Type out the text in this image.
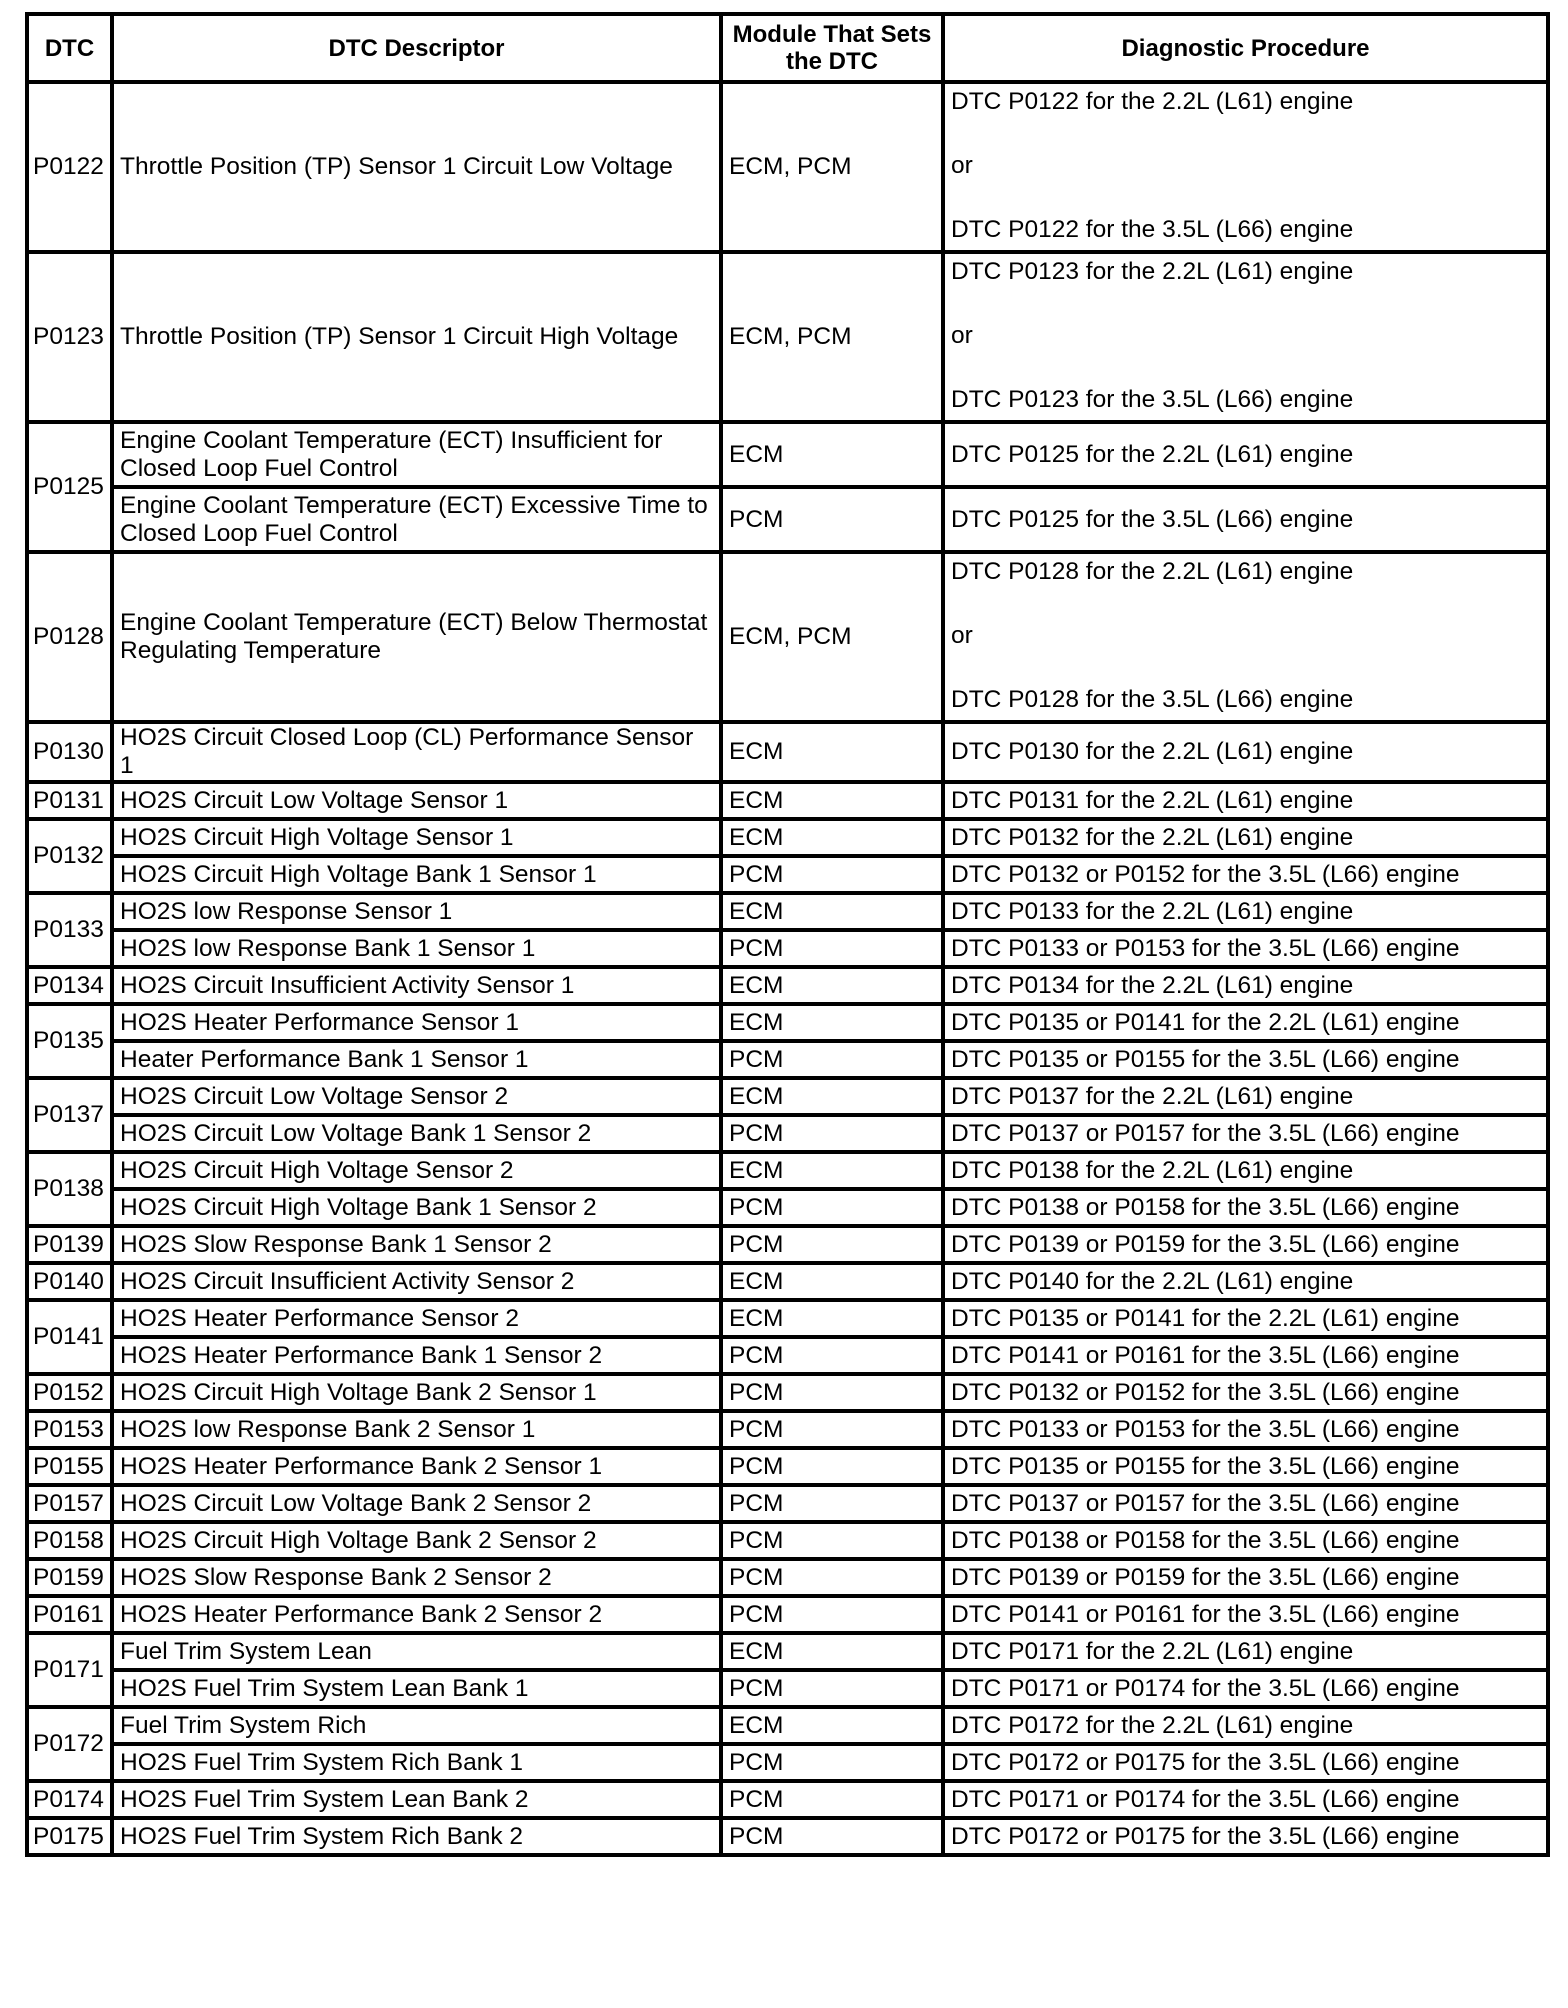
DTC	DTC Descriptor	Module That Sets the DTC	Diagnostic Procedure
P0122	Throttle Position (TP) Sensor 1 Circuit Low Voltage	ECM, PCM	DTC P0122 for the 2.2L (L61) engine
or
DTC P0122 for the 3.5L (L66) engine

P0123	Throttle Position (TP) Sensor 1 Circuit High Voltage	ECM, PCM	DTC P0123 for the 2.2L (L61) engine
or
DTC P0123 for the 3.5L (L66) engine

P0125	Engine Coolant Temperature (ECT) Insufficient for Closed Loop Fuel Control	ECM	DTC P0125 for the 2.2L (L61) engine
	Engine Coolant Temperature (ECT) Excessive Time to Closed Loop Fuel Control	PCM	DTC P0125 for the 3.5L (L66) engine
P0128	Engine Coolant Temperature (ECT) Below Thermostat Regulating Temperature	ECM, PCM	DTC P0128 for the 2.2L (L61) engine
or
DTC P0128 for the 3.5L (L66) engine

P0130	HO2S Circuit Closed Loop (CL) Performance Sensor 1	ECM	DTC P0130 for the 2.2L (L61) engine
P0131	HO2S Circuit Low Voltage Sensor 1	ECM	DTC P0131 for the 2.2L (L61) engine
P0132	HO2S Circuit High Voltage Sensor 1	ECM	DTC P0132 for the 2.2L (L61) engine
	HO2S Circuit High Voltage Bank 1 Sensor 1	PCM	DTC P0132 or P0152 for the 3.5L (L66) engine
P0133	HO2S low Response Sensor 1	ECM	DTC P0133 for the 2.2L (L61) engine
	HO2S low Response Bank 1 Sensor 1	PCM	DTC P0133 or P0153 for the 3.5L (L66) engine
P0134	HO2S Circuit Insufficient Activity Sensor 1	ECM	DTC P0134 for the 2.2L (L61) engine
P0135	HO2S Heater Performance Sensor 1	ECM	DTC P0135 or P0141 for the 2.2L (L61) engine
	Heater Performance Bank 1 Sensor 1	PCM	DTC P0135 or P0155 for the 3.5L (L66) engine
P0137	HO2S Circuit Low Voltage Sensor 2	ECM	DTC P0137 for the 2.2L (L61) engine
	HO2S Circuit Low Voltage Bank 1 Sensor 2	PCM	DTC P0137 or P0157 for the 3.5L (L66) engine
P0138	HO2S Circuit High Voltage Sensor 2	ECM	DTC P0138 for the 2.2L (L61) engine
	HO2S Circuit High Voltage Bank 1 Sensor 2	PCM	DTC P0138 or P0158 for the 3.5L (L66) engine
P0139	HO2S Slow Response Bank 1 Sensor 2	PCM	DTC P0139 or P0159 for the 3.5L (L66) engine
P0140	HO2S Circuit Insufficient Activity Sensor 2	ECM	DTC P0140 for the 2.2L (L61) engine
P0141	HO2S Heater Performance Sensor 2	ECM	DTC P0135 or P0141 for the 2.2L (L61) engine
	HO2S Heater Performance Bank 1 Sensor 2	PCM	DTC P0141 or P0161 for the 3.5L (L66) engine
P0152	HO2S Circuit High Voltage Bank 2 Sensor 1	PCM	DTC P0132 or P0152 for the 3.5L (L66) engine
P0153	HO2S low Response Bank 2 Sensor 1	PCM	DTC P0133 or P0153 for the 3.5L (L66) engine
P0155	HO2S Heater Performance Bank 2 Sensor 1	PCM	DTC P0135 or P0155 for the 3.5L (L66) engine
P0157	HO2S Circuit Low Voltage Bank 2 Sensor 2	PCM	DTC P0137 or P0157 for the 3.5L (L66) engine
P0158	HO2S Circuit High Voltage Bank 2 Sensor 2	PCM	DTC P0138 or P0158 for the 3.5L (L66) engine
P0159	HO2S Slow Response Bank 2 Sensor 2	PCM	DTC P0139 or P0159 for the 3.5L (L66) engine
P0161	HO2S Heater Performance Bank 2 Sensor 2	PCM	DTC P0141 or P0161 for the 3.5L (L66) engine
P0171	Fuel Trim System Lean	ECM	DTC P0171 for the 2.2L (L61) engine
	HO2S Fuel Trim System Lean Bank 1	PCM	DTC P0171 or P0174 for the 3.5L (L66) engine
P0172	Fuel Trim System Rich	ECM	DTC P0172 for the 2.2L (L61) engine
	HO2S Fuel Trim System Rich Bank 1	PCM	DTC P0172 or P0175 for the 3.5L (L66) engine
P0174	HO2S Fuel Trim System Lean Bank 2	PCM	DTC P0171 or P0174 for the 3.5L (L66) engine
P0175	HO2S Fuel Trim System Rich Bank 2	PCM	DTC P0172 or P0175 for the 3.5L (L66) engine
